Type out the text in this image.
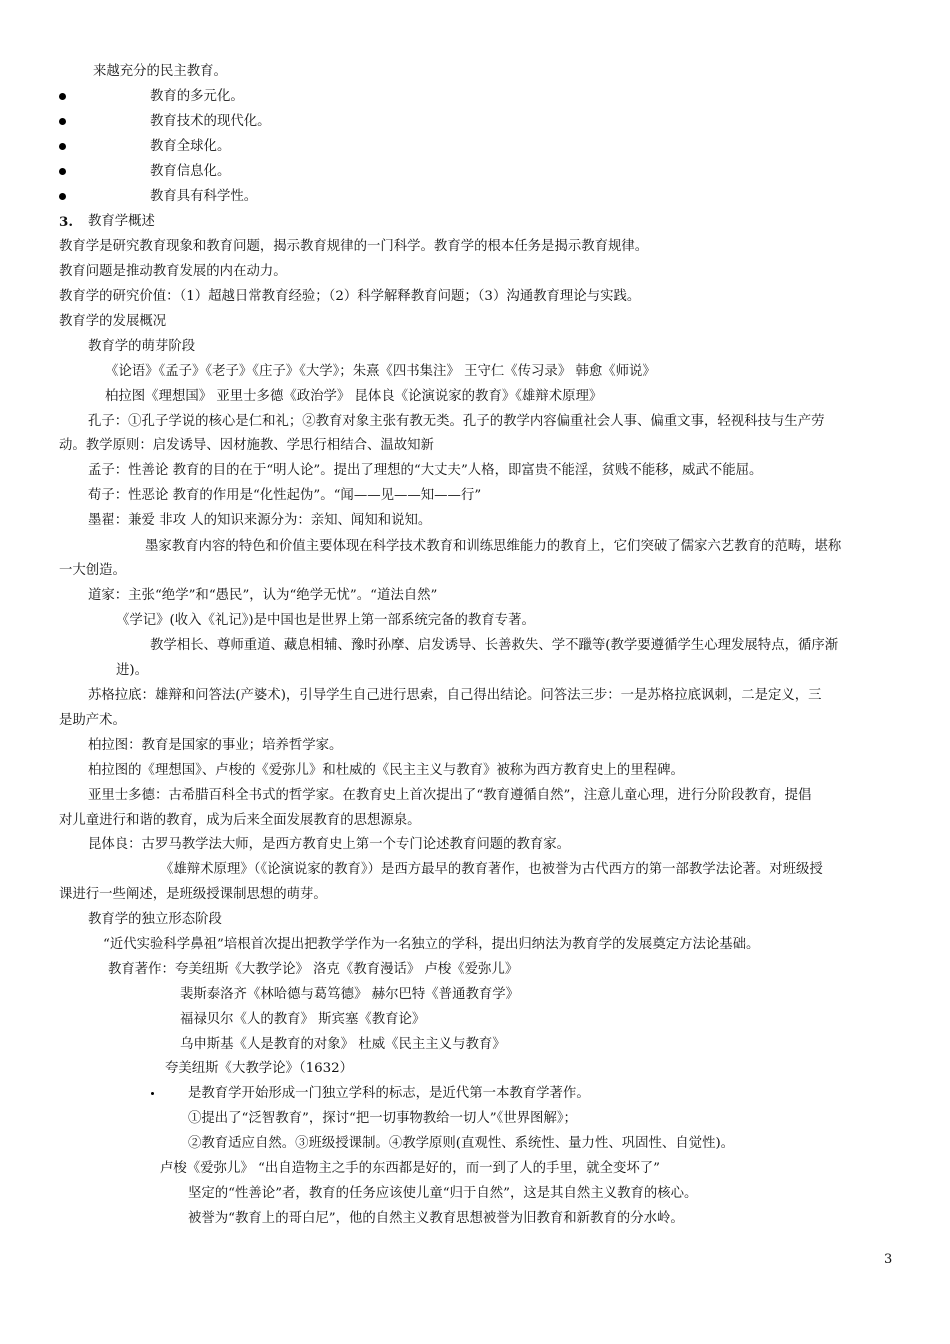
来越充分的民主教育。
教育的多元化。
教育技术的现代化。
教育全球化。
教育信息化。
教育具有科学性。
3. 教育学概述
教育学是研究教育现象和教育问题，揭示教育规律的一门科学。教育学的根本任务是揭示教育规律。
教育问题是推动教育发展的内在动力。
教育学的研究价值：（1）超越日常教育经验；（2）科学解释教育问题；（3）沟通教育理论与实践。
教育学的发展概况
教育学的萌芽阶段
《论语》《孟子》《老子》《庄子》《大学》；朱熹《四书集注》 王守仁《传习录》 韩愈《师说》
柏拉图《理想国》 亚里士多德《政治学》 昆体良《论演说家的教育》《雄辩术原理》
孔子：①孔子学说的核心是仁和礼；②教育对象主张有教无类。孔子的教学内容偏重社会人事、偏重文事，轻视科技与生产劳
动。教学原则：启发诱导、因材施教、学思行相结合、温故知新
孟子：性善论 教育的目的在于“明人论”。提出了理想的“大丈夫”人格，即富贵不能淫，贫贱不能移，威武不能屈。
荀子：性恶论 教育的作用是“化性起伪”。“闻——见——知——行”
墨翟：兼爱 非攻 人的知识来源分为：亲知、闻知和说知。
墨家教育内容的特色和价值主要体现在科学技术教育和训练思维能力的教育上，它们突破了儒家六艺教育的范畴，堪称
一大创造。
道家：主张“绝学”和“愚民”，认为“绝学无忧”。“道法自然”
《学记》(收入《礼记》)是中国也是世界上第一部系统完备的教育专著。
教学相长、尊师重道、藏息相辅、豫时孙摩、启发诱导、长善救失、学不躐等(教学要遵循学生心理发展特点，循序渐
进)。
苏格拉底：雄辩和问答法(产婆术)，引导学生自己进行思索，自己得出结论。问答法三步：一是苏格拉底讽刺，二是定义，三
是助产术。
柏拉图：教育是国家的事业；培养哲学家。
柏拉图的《理想国》、卢梭的《爱弥儿》和杜威的《民主主义与教育》被称为西方教育史上的里程碑。
亚里士多德：古希腊百科全书式的哲学家。在教育史上首次提出了“教育遵循自然”，注意儿童心理，进行分阶段教育，提倡
对儿童进行和谐的教育，成为后来全面发展教育的思想源泉。
昆体良：古罗马教学法大师，是西方教育史上第一个专门论述教育问题的教育家。
《雄辩术原理》（《论演说家的教育》）是西方最早的教育著作，也被誉为古代西方的第一部教学法论著。对班级授
课进行一些阐述，是班级授课制思想的萌芽。
教育学的独立形态阶段
“近代实验科学鼻祖”培根首次提出把教学学作为一名独立的学科，提出归纳法为教育学的发展奠定方法论基础。
教育著作：夸美纽斯《大教学论》 洛克《教育漫话》 卢梭《爱弥儿》
裴斯泰洛齐《林哈德与葛笃德》 赫尔巴特《普通教育学》
福禄贝尔《人的教育》 斯宾塞《教育论》
乌申斯基《人是教育的对象》 杜威《民主主义与教育》
夸美纽斯《大教学论》（1632）
是教育学开始形成一门独立学科的标志，是近代第一本教育学著作。
①提出了“泛智教育”，探讨“把一切事物教给一切人”《世界图解》；
②教育适应自然。③班级授课制。④教学原则(直观性、系统性、量力性、巩固性、自觉性)。
卢梭《爱弥儿》 “出自造物主之手的东西都是好的，而一到了人的手里，就全变坏了”
坚定的“性善论”者，教育的任务应该使儿童“归于自然”，这是其自然主义教育的核心。
被誉为“教育上的哥白尼”，他的自然主义教育思想被誉为旧教育和新教育的分水岭。
3
